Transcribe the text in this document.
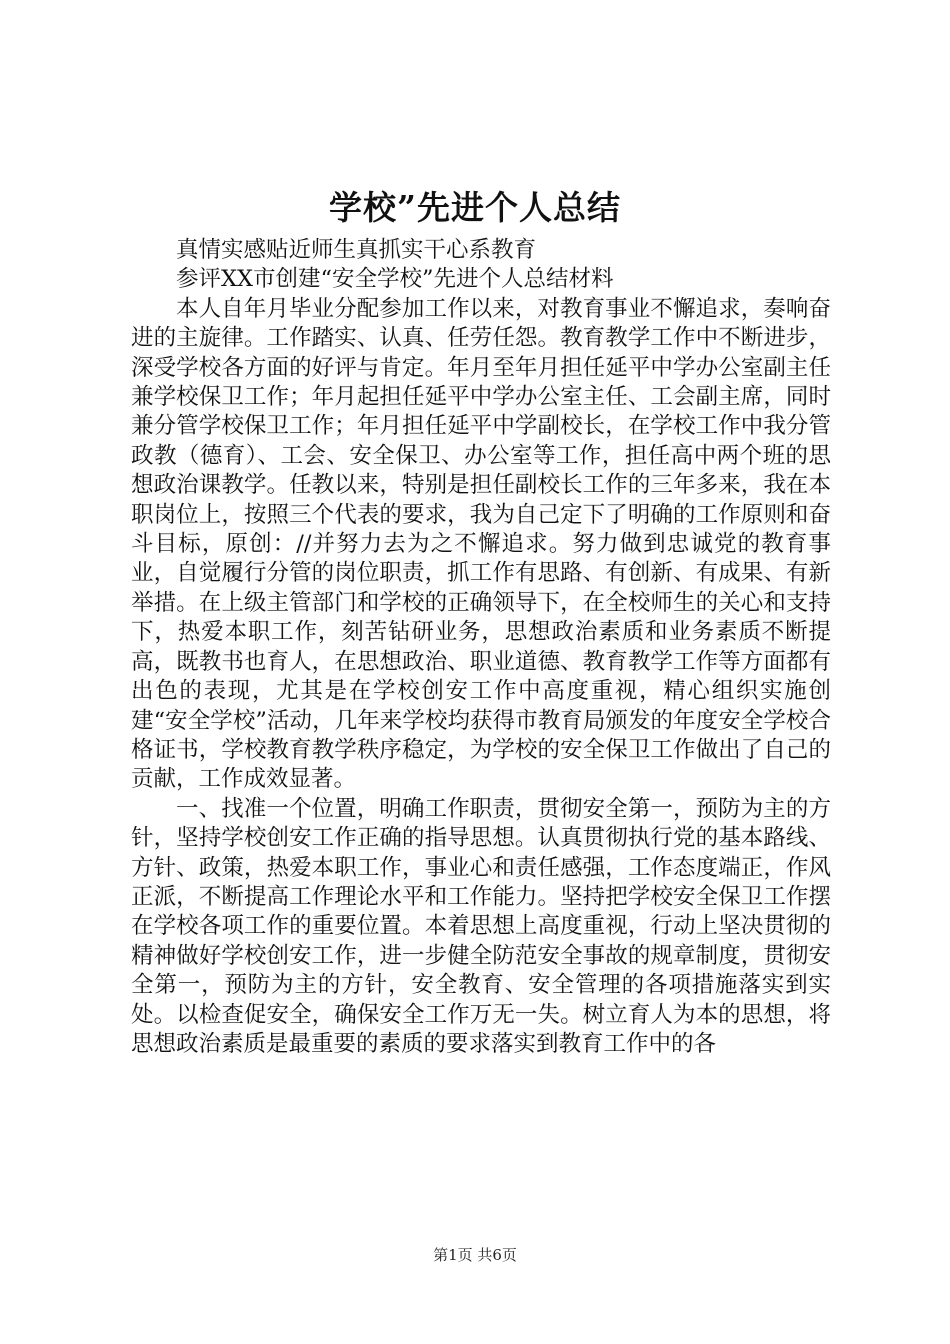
学校”先进个人总结

真情实感贴近师生真抓实干心系教育

参评XX市创建“安全学校”先进个人总结材料

本人自年月毕业分配参加工作以来，对教育事业不懈追求，奏响奋进的主旋律。工作踏实、认真、任劳任怨。教育教学工作中不断进步，深受学校各方面的好评与肯定。年月至年月担任延平中学办公室副主任兼学校保卫工作；年月起担任延平中学办公室主任、工会副主席，同时兼分管学校保卫工作；年月担任延平中学副校长，在学校工作中我分管政教（德育）、工会、安全保卫、办公室等工作，担任高中两个班的思想政治课教学。任教以来，特别是担任副校长工作的三年多来，我在本职岗位上，按照三个代表的要求，我为自己定下了明确的工作原则和奋斗目标，原创：//并努力去为之不懈追求。努力做到忠诚党的教育事业，自觉履行分管的岗位职责，抓工作有思路、有创新、有成果、有新举措。在上级主管部门和学校的正确领导下，在全校师生的关心和支持下，热爱本职工作，刻苦钻研业务，思想政治素质和业务素质不断提高，既教书也育人，在思想政治、职业道德、教育教学工作等方面都有出色的表现，尤其是在学校创安工作中高度重视，精心组织实施创建“安全学校”活动，几年来学校均获得市教育局颁发的年度安全学校合格证书，学校教育教学秩序稳定，为学校的安全保卫工作做出了自己的贡献，工作成效显著。

一、找准一个位置，明确工作职责，贯彻安全第一，预防为主的方针，坚持学校创安工作正确的指导思想。认真贯彻执行党的基本路线、方针、政策，热爱本职工作，事业心和责任感强，工作态度端正，作风正派，不断提高工作理论水平和工作能力。坚持把学校安全保卫工作摆在学校各项工作的重要位置。本着思想上高度重视，行动上坚决贯彻的精神做好学校创安工作，进一步健全防范安全事故的规章制度，贯彻安全第一，预防为主的方针，安全教育、安全管理的各项措施落实到实处。以检查促安全，确保安全工作万无一失。树立育人为本的思想，将思想政治素质是最重要的素质的要求落实到教育工作中的各

第1页 共6页
